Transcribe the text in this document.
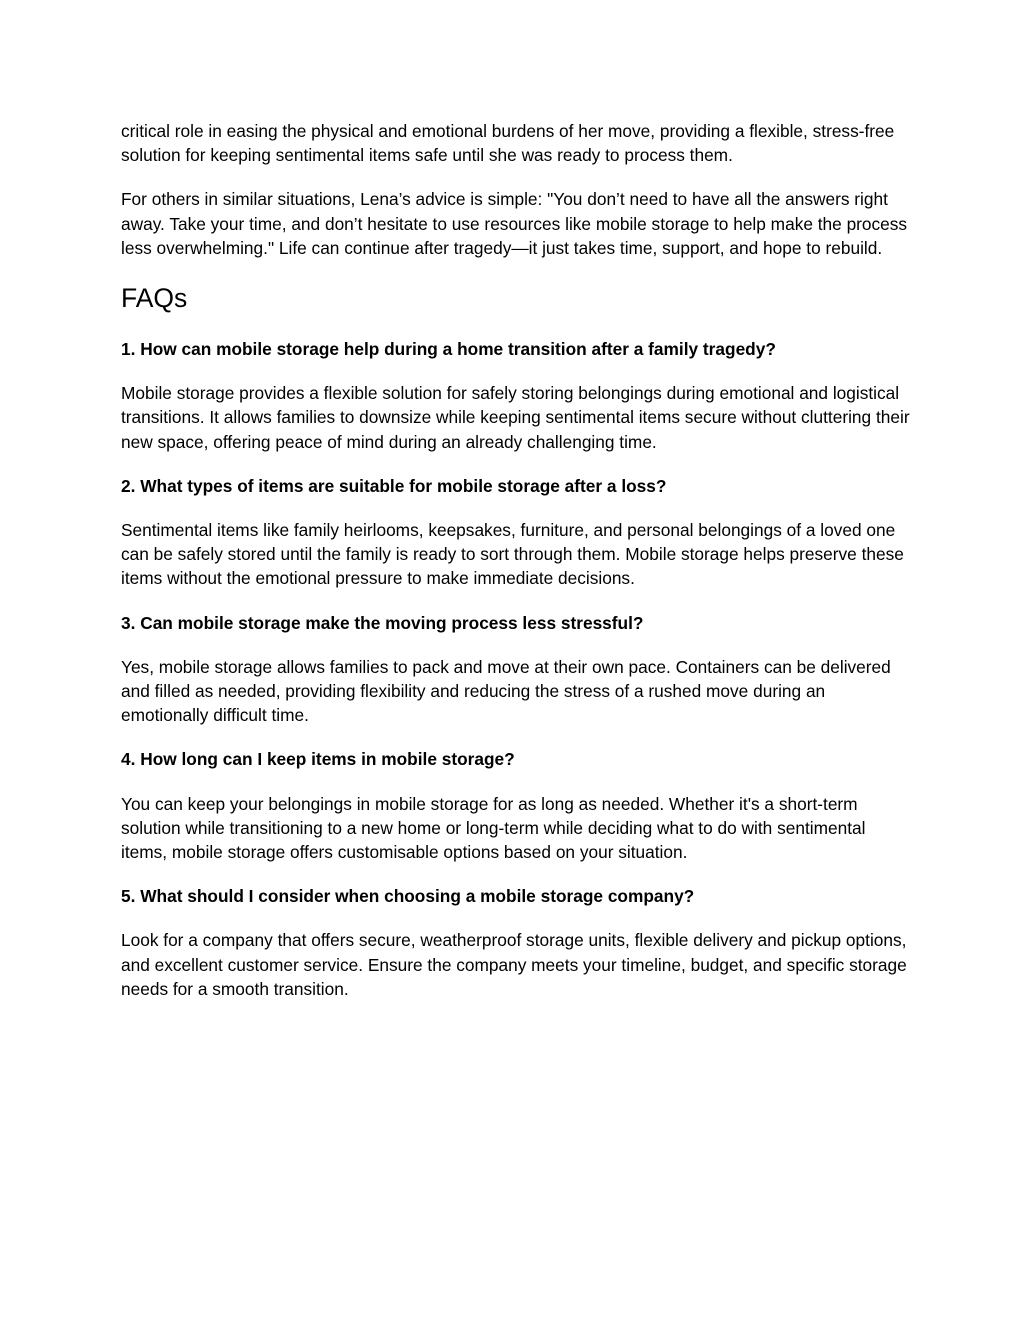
critical role in easing the physical and emotional burdens of her move, providing a flexible, stress-free solution for keeping sentimental items safe until she was ready to process them.

For others in similar situations, Lena’s advice is simple: "You don’t need to have all the answers right away. Take your time, and don’t hesitate to use resources like mobile storage to help make the process less overwhelming." Life can continue after tragedy—it just takes time, support, and hope to rebuild.

FAQs

1. How can mobile storage help during a home transition after a family tragedy?

Mobile storage provides a flexible solution for safely storing belongings during emotional and logistical transitions. It allows families to downsize while keeping sentimental items secure without cluttering their new space, offering peace of mind during an already challenging time.

2. What types of items are suitable for mobile storage after a loss?

Sentimental items like family heirlooms, keepsakes, furniture, and personal belongings of a loved one can be safely stored until the family is ready to sort through them. Mobile storage helps preserve these items without the emotional pressure to make immediate decisions.

3. Can mobile storage make the moving process less stressful?

Yes, mobile storage allows families to pack and move at their own pace. Containers can be delivered and filled as needed, providing flexibility and reducing the stress of a rushed move during an emotionally difficult time.

4. How long can I keep items in mobile storage?

You can keep your belongings in mobile storage for as long as needed. Whether it's a short-term solution while transitioning to a new home or long-term while deciding what to do with sentimental items, mobile storage offers customisable options based on your situation.

5. What should I consider when choosing a mobile storage company?

Look for a company that offers secure, weatherproof storage units, flexible delivery and pickup options, and excellent customer service. Ensure the company meets your timeline, budget, and specific storage needs for a smooth transition.
